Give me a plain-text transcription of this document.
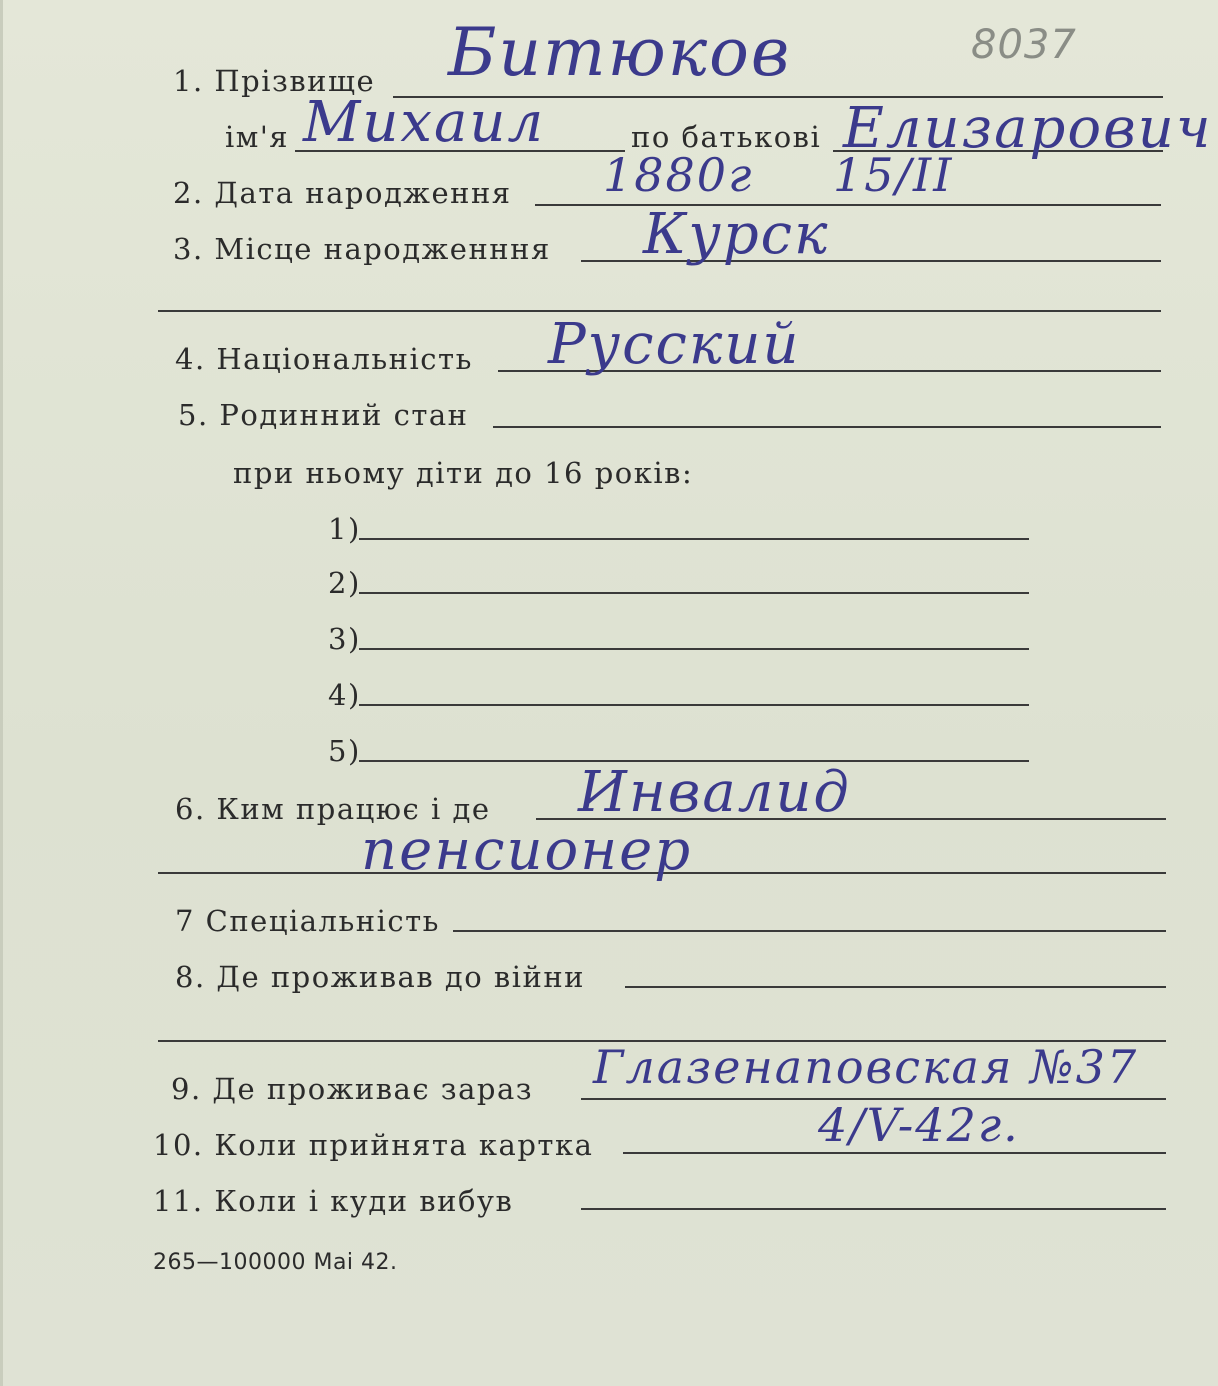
8037
1. Прізвище Битюков
ім'я Михаил	по батькові Елизарович
2. Дата народження 1880г 15/II
3. Місце народженння Курск
4. Національність Русский
5. Родинний стан
при ньому діти до 16 років:
1)
2)
3)
4)
5)
6. Ким працює і де Инвалид
пенсионер
7 Спеціальність
8. Де проживав до війни
9. Де проживає зараз Глазенаповская №37
10. Коли прийнята картка	4/V-42г.
11. Коли і куди вибув
265—100000 Маі 42.
